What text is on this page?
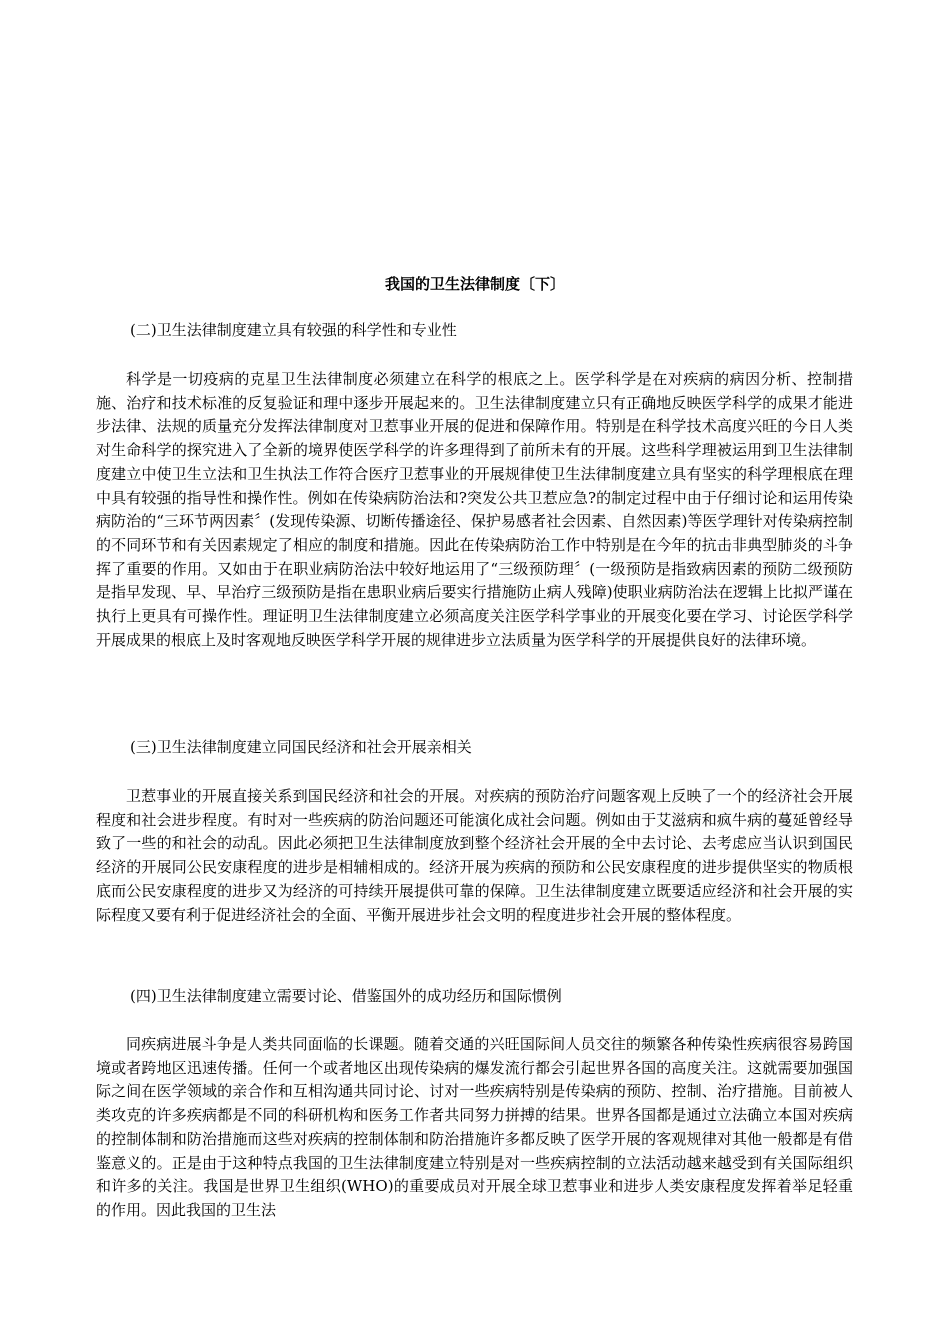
我国的卫生法律制度〔下〕

(二)卫生法律制度建立具有较强的科学性和专业性

科学是一切疫病的克星卫生法律制度必须建立在科学的根底之上。医学科学是在对疾病的病因分析、控制措施、治疗和技术标准的反复验证和理中逐步开展起来的。卫生法律制度建立只有正确地反映医学科学的成果才能进步法律、法规的质量充分发挥法律制度对卫惹事业开展的促进和保障作用。特别是在科学技术高度兴旺的今日人类对生命科学的探究进入了全新的境界使医学科学的许多理得到了前所未有的开展。这些科学理被运用到卫生法律制度建立中使卫生立法和卫生执法工作符合医疗卫惹事业的开展规律使卫生法律制度建立具有坚实的科学理根底在理中具有较强的指导性和操作性。例如在传染病防治法和?突发公共卫惹应急?的制定过程中由于仔细讨论和运用传染病防治的“三环节两因素〞(发现传染源、切断传播途径、保护易感者社会因素、自然因素)等医学理针对传染病控制的不同环节和有关因素规定了相应的制度和措施。因此在传染病防治工作中特别是在今年的抗击非典型肺炎的斗争挥了重要的作用。又如由于在职业病防治法中较好地运用了“三级预防理〞(一级预防是指致病因素的预防二级预防是指早发现、早、早治疗三级预防是指在患职业病后要实行措施防止病人残障)使职业病防治法在逻辑上比拟严谨在执行上更具有可操作性。理证明卫生法律制度建立必须高度关注医学科学事业的开展变化要在学习、讨论医学科学开展成果的根底上及时客观地反映医学科学开展的规律进步立法质量为医学科学的开展提供良好的法律环境。

(三)卫生法律制度建立同国民经济和社会开展亲相关

卫惹事业的开展直接关系到国民经济和社会的开展。对疾病的预防治疗问题客观上反映了一个的经济社会开展程度和社会进步程度。有时对一些疾病的防治问题还可能演化成社会问题。例如由于艾滋病和疯牛病的蔓延曾经导致了一些的和社会的动乱。因此必须把卫生法律制度放到整个经济社会开展的全中去讨论、去考虑应当认识到国民经济的开展同公民安康程度的进步是相辅相成的。经济开展为疾病的预防和公民安康程度的进步提供坚实的物质根底而公民安康程度的进步又为经济的可持续开展提供可靠的保障。卫生法律制度建立既要适应经济和社会开展的实际程度又要有利于促进经济社会的全面、平衡开展进步社会文明的程度进步社会开展的整体程度。

(四)卫生法律制度建立需要讨论、借鉴国外的成功经历和国际惯例

同疾病进展斗争是人类共同面临的长课题。随着交通的兴旺国际间人员交往的频繁各种传染性疾病很容易跨国境或者跨地区迅速传播。任何一个或者地区出现传染病的爆发流行都会引起世界各国的高度关注。这就需要加强国际之间在医学领域的亲合作和互相沟通共同讨论、讨对一些疾病特别是传染病的预防、控制、治疗措施。目前被人类攻克的许多疾病都是不同的科研机构和医务工作者共同努力拼搏的结果。世界各国都是通过立法确立本国对疾病的控制体制和防治措施而这些对疾病的控制体制和防治措施许多都反映了医学开展的客观规律对其他一般都是有借鉴意义的。正是由于这种特点我国的卫生法律制度建立特别是对一些疾病控制的立法活动越来越受到有关国际组织和许多的关注。我国是世界卫生组织(WHO)的重要成员对开展全球卫惹事业和进步人类安康程度发挥着举足轻重的作用。因此我国的卫生法
